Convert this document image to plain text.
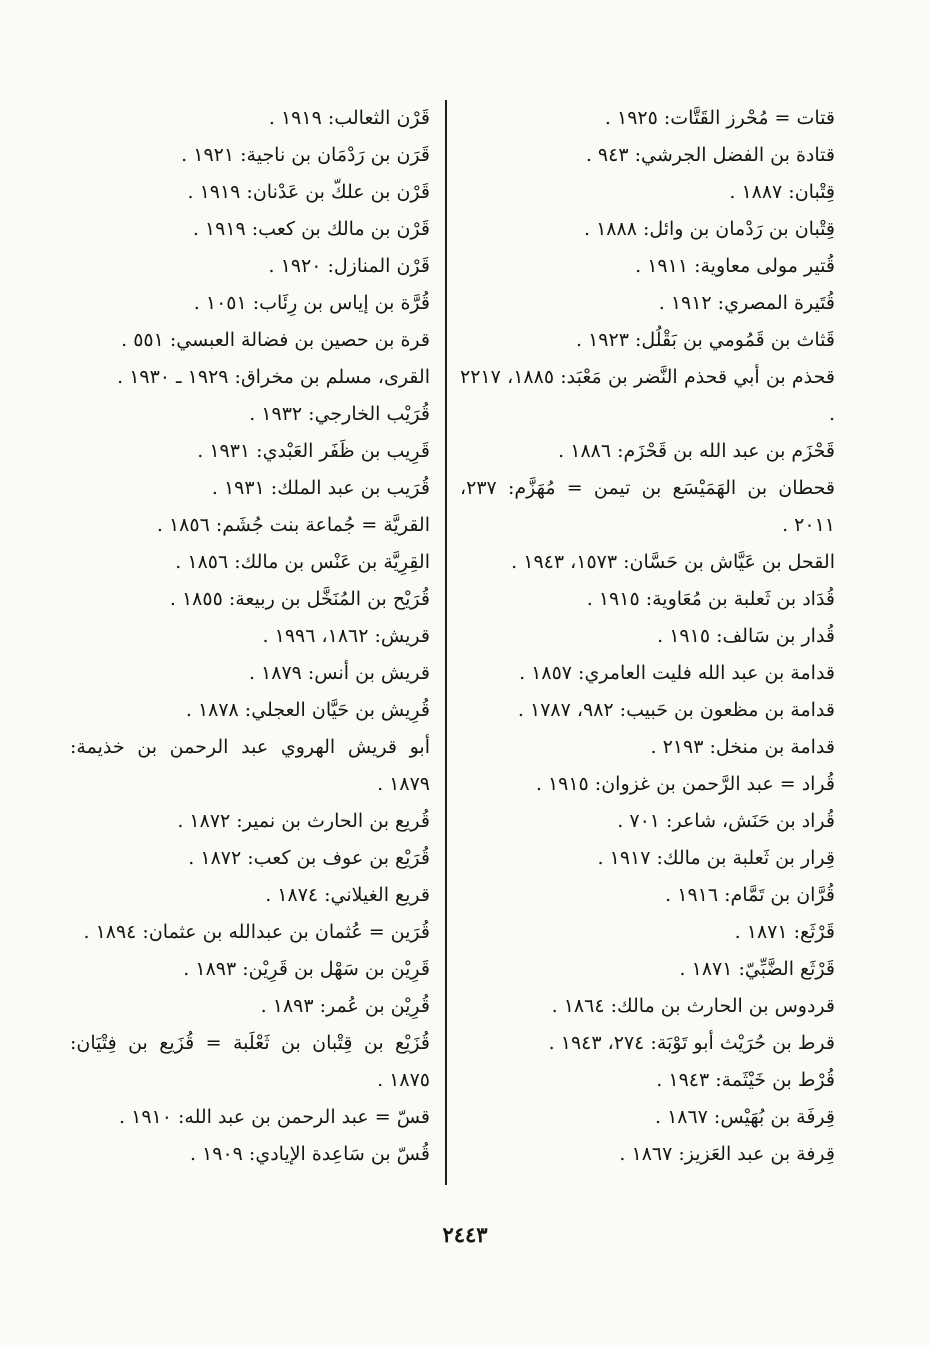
قتات = مُحْرز القَتَّات: ١٩٢٥ .
قتادة بن الفضل الجرشي: ٩٤٣ .
قِتْبان: ١٨٨٧ .
قِتْبان بن رَدْمان بن وائل: ١٨٨٨ .
قُتير مولى معاوية: ١٩١١ .
قُتَيرة المصري: ١٩١٢ .
قَثاث بن قَمُومي بن بَقْلُل: ١٩٢٣ .
قحذم بن أبي قحذم النَّضر بن مَعْبَد: ١٨٨٥، ٢٢١٧ .
قَحْزَم بن عبد الله بن قَحْزَم: ١٨٨٦ .
قحطان بن الهَمَيْسَع بن تيمن = مُهَزَّم: ٢٣٧، ٢٠١١ .
القحل بن عَيَّاش بن حَسَّان: ١٥٧٣، ١٩٤٣ .
قُدَاد بن ثَعلبة بن مُعَاوية: ١٩١٥ .
قُدار بن سَالف: ١٩١٥ .
قدامة بن عبد الله فليت العامري: ١٨٥٧ .
قدامة بن مظعون بن حَبيب: ٩٨٢، ١٧٨٧ .
قدامة بن منخل: ٢١٩٣ .
قُراد = عبد الرَّحمن بن غزوان: ١٩١٥ .
قُراد بن حَنَش، شاعر: ٧٠١ .
قِرار بن ثَعلبة بن مالك: ١٩١٧ .
قُرَّان بن تَمَّام: ١٩١٦ .
قَرْثَع: ١٨٧١ .
قَرْثَع الضَّبِّيّ: ١٨٧١ .
قردوس بن الحارث بن مالك: ١٨٦٤ .
قرط بن حُرَيْث أبو تَوْبَة: ٢٧٤، ١٩٤٣ .
قُرْط بن خَيْثَمة: ١٩٤٣ .
قِرفَة بن بُهَيْس: ١٨٦٧ .
قِرفة بن عبد العَزيز: ١٨٦٧ .
قَرْن الثعالب: ١٩١٩ .
قَرَن بن رَدْمَان بن ناجية: ١٩٢١ .
قَرْن بن علكّ بن عَدْنان: ١٩١٩ .
قَرْن بن مالك بن كعب: ١٩١٩ .
قَرْن المنازل: ١٩٢٠ .
قُرَّة بن إياس بن رِئَاب: ١٠٥١ .
قرة بن حصين بن فضالة العبسي: ٥٥١ .
القرى، مسلم بن مخراق: ١٩٢٩ ـ ١٩٣٠ .
قُرَيْب الخارجي: ١٩٣٢ .
قَرِيب بن ظَفَر العَبْدي: ١٩٣١ .
قُرَيب بن عبد الملك: ١٩٣١ .
القريَّة = جُماعة بنت جُشَم: ١٨٥٦ .
القِرِيَّة بن عَنْس بن مالك: ١٨٥٦ .
قُرَيْح بن المُنَخَّل بن ربيعة: ١٨٥٥ .
قريش: ١٨٦٢، ١٩٩٦ .
قريش بن أنس: ١٨٧٩ .
قُرِيش بن حَيَّان العجلي: ١٨٧٨ .
أبو قريش الهروي عبد الرحمن بن خذيمة: ١٨٧٩ .
قُريع بن الحارث بن نمير: ١٨٧٢ .
قُرَيْع بن عوف بن كعب: ١٨٧٢ .
قريع الغيلاني: ١٨٧٤ .
قُرَين = عُثمان بن عبدالله بن عثمان: ١٨٩٤ .
قَرِيْن بن سَهْل بن قَرِيْن: ١٨٩٣ .
قُرِيْن بن عُمر: ١٨٩٣ .
قُزَيْع بن قِتْبان بن ثَعْلَبة = قُزَيع بن فِتْيَان: ١٨٧٥ .
قسّ = عبد الرحمن بن عبد الله: ١٩١٠ .
قُسّ بن سَاعِدة الإيادي: ١٩٠٩ .
٢٤٤٣
